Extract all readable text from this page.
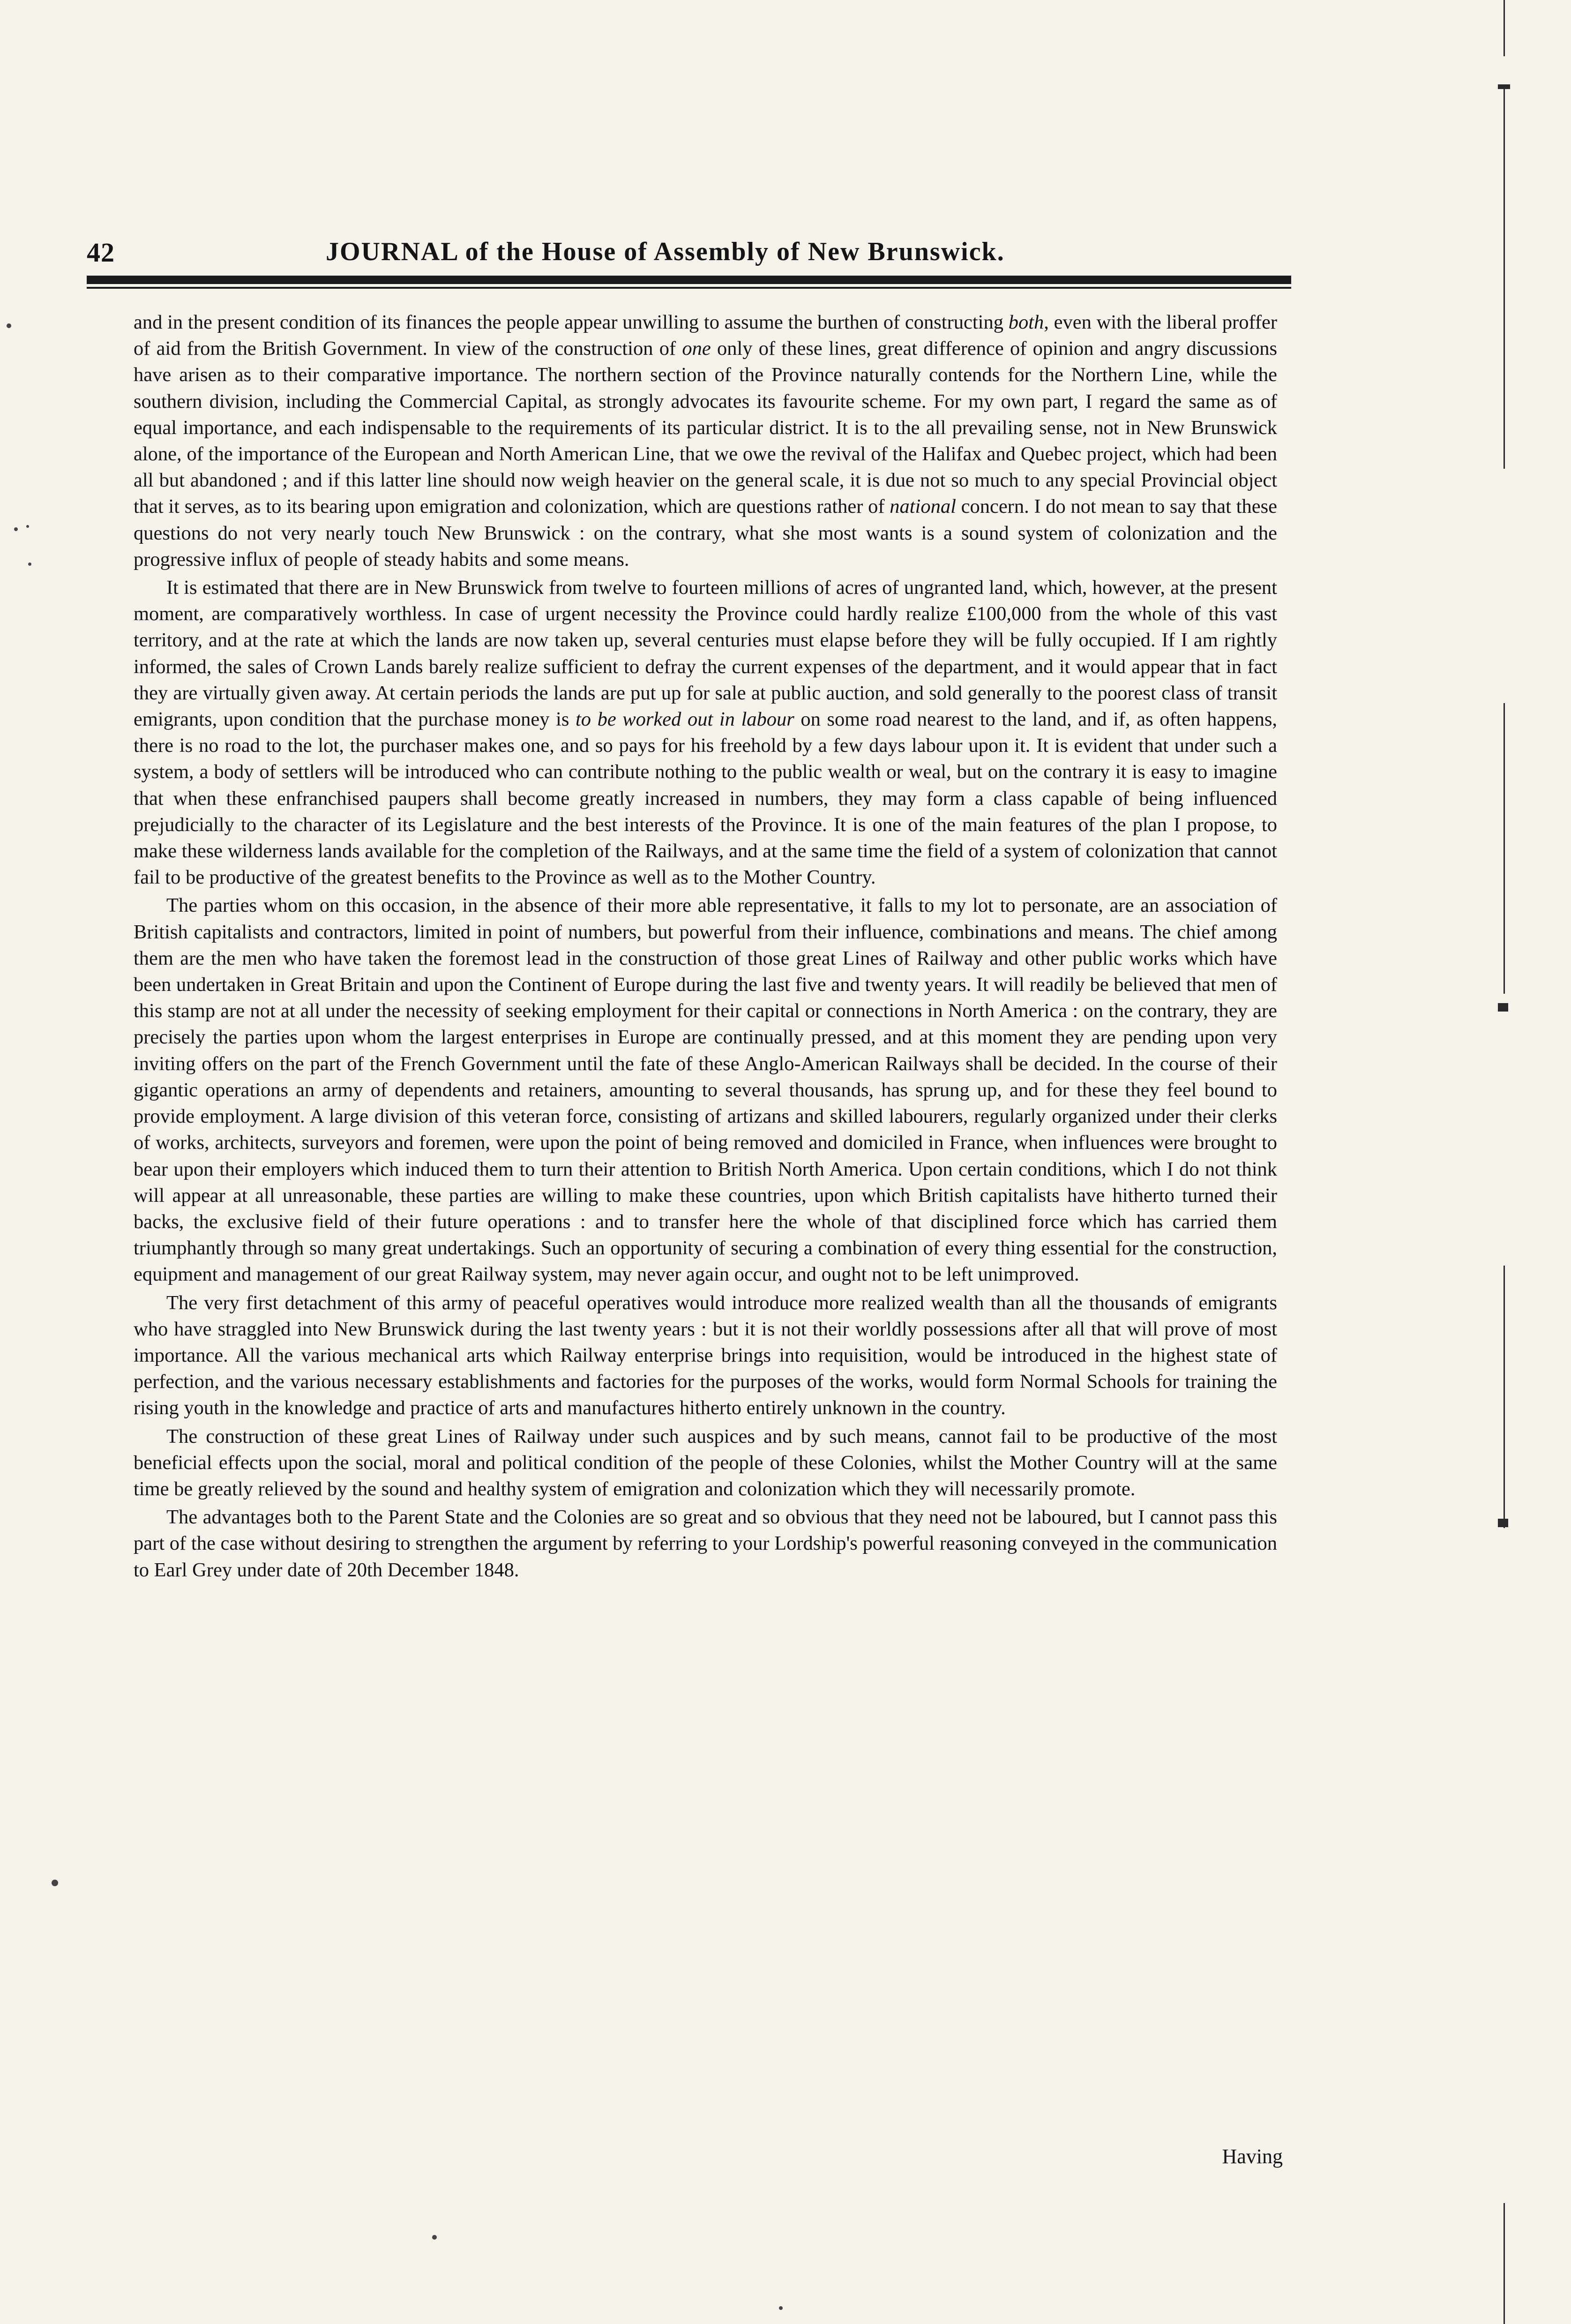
42	JOURNAL of the House of Assembly of New Brunswick.

and in the present condition of its finances the people appear unwilling to assume the burthen of constructing both, even with the liberal proffer of aid from the British Government. In view of the construction of one only of these lines, great difference of opinion and angry discussions have arisen as to their comparative importance. The northern section of the Province naturally contends for the Northern Line, while the southern division, including the Commercial Capital, as strongly advocates its favourite scheme. For my own part, I regard the same as of equal importance, and each indispensable to the requirements of its particular district. It is to the all prevailing sense, not in New Brunswick alone, of the importance of the European and North American Line, that we owe the revival of the Halifax and Quebec project, which had been all but abandoned ; and if this latter line should now weigh heavier on the general scale, it is due not so much to any special Provincial object that it serves, as to its bearing upon emigration and colonization, which are questions rather of national concern. I do not mean to say that these questions do not very nearly touch New Brunswick : on the contrary, what she most wants is a sound system of colonization and the progressive influx of people of steady habits and some means.

It is estimated that there are in New Brunswick from twelve to fourteen millions of acres of ungranted land, which, however, at the present moment, are comparatively worthless. In case of urgent necessity the Province could hardly realize £100,000 from the whole of this vast territory, and at the rate at which the lands are now taken up, several centuries must elapse before they will be fully occupied. If I am rightly informed, the sales of Crown Lands barely realize sufficient to defray the current expenses of the department, and it would appear that in fact they are virtually given away. At certain periods the lands are put up for sale at public auction, and sold generally to the poorest class of transit emigrants, upon condition that the purchase money is to be worked out in labour on some road nearest to the land, and if, as often happens, there is no road to the lot, the purchaser makes one, and so pays for his freehold by a few days labour upon it. It is evident that under such a system, a body of settlers will be introduced who can contribute nothing to the public wealth or weal, but on the contrary it is easy to imagine that when these enfranchised paupers shall become greatly increased in numbers, they may form a class capable of being influenced prejudicially to the character of its Legislature and the best interests of the Province. It is one of the main features of the plan I propose, to make these wilderness lands available for the completion of the Railways, and at the same time the field of a system of colonization that cannot fail to be productive of the greatest benefits to the Province as well as to the Mother Country.

The parties whom on this occasion, in the absence of their more able representative, it falls to my lot to personate, are an association of British capitalists and contractors, limited in point of numbers, but powerful from their influence, combinations and means. The chief among them are the men who have taken the foremost lead in the construction of those great Lines of Railway and other public works which have been undertaken in Great Britain and upon the Continent of Europe during the last five and twenty years. It will readily be believed that men of this stamp are not at all under the necessity of seeking employment for their capital or connections in North America : on the contrary, they are precisely the parties upon whom the largest enterprises in Europe are continually pressed, and at this moment they are pending upon very inviting offers on the part of the French Government until the fate of these Anglo-American Railways shall be decided. In the course of their gigantic operations an army of dependents and retainers, amounting to several thousands, has sprung up, and for these they feel bound to provide employment. A large division of this veteran force, consisting of artizans and skilled labourers, regularly organized under their clerks of works, architects, surveyors and foremen, were upon the point of being removed and domiciled in France, when influences were brought to bear upon their employers which induced them to turn their attention to British North America. Upon certain conditions, which I do not think will appear at all unreasonable, these parties are willing to make these countries, upon which British capitalists have hitherto turned their backs, the exclusive field of their future operations : and to transfer here the whole of that disciplined force which has carried them triumphantly through so many great undertakings. Such an opportunity of securing a combination of every thing essential for the construction, equipment and management of our great Railway system, may never again occur, and ought not to be left unimproved.

The very first detachment of this army of peaceful operatives would introduce more realized wealth than all the thousands of emigrants who have straggled into New Brunswick during the last twenty years : but it is not their worldly possessions after all that will prove of most importance. All the various mechanical arts which Railway enterprise brings into requisition, would be introduced in the highest state of perfection, and the various necessary establishments and factories for the purposes of the works, would form Normal Schools for training the rising youth in the knowledge and practice of arts and manufactures hitherto entirely unknown in the country.

The construction of these great Lines of Railway under such auspices and by such means, cannot fail to be productive of the most beneficial effects upon the social, moral and political condition of the people of these Colonies, whilst the Mother Country will at the same time be greatly relieved by the sound and healthy system of emigration and colonization which they will necessarily promote.

The advantages both to the Parent State and the Colonies are so great and so obvious that they need not be laboured, but I cannot pass this part of the case without desiring to strengthen the argument by referring to your Lordship's powerful reasoning conveyed in the communication to Earl Grey under date of 20th December 1848.

Having
